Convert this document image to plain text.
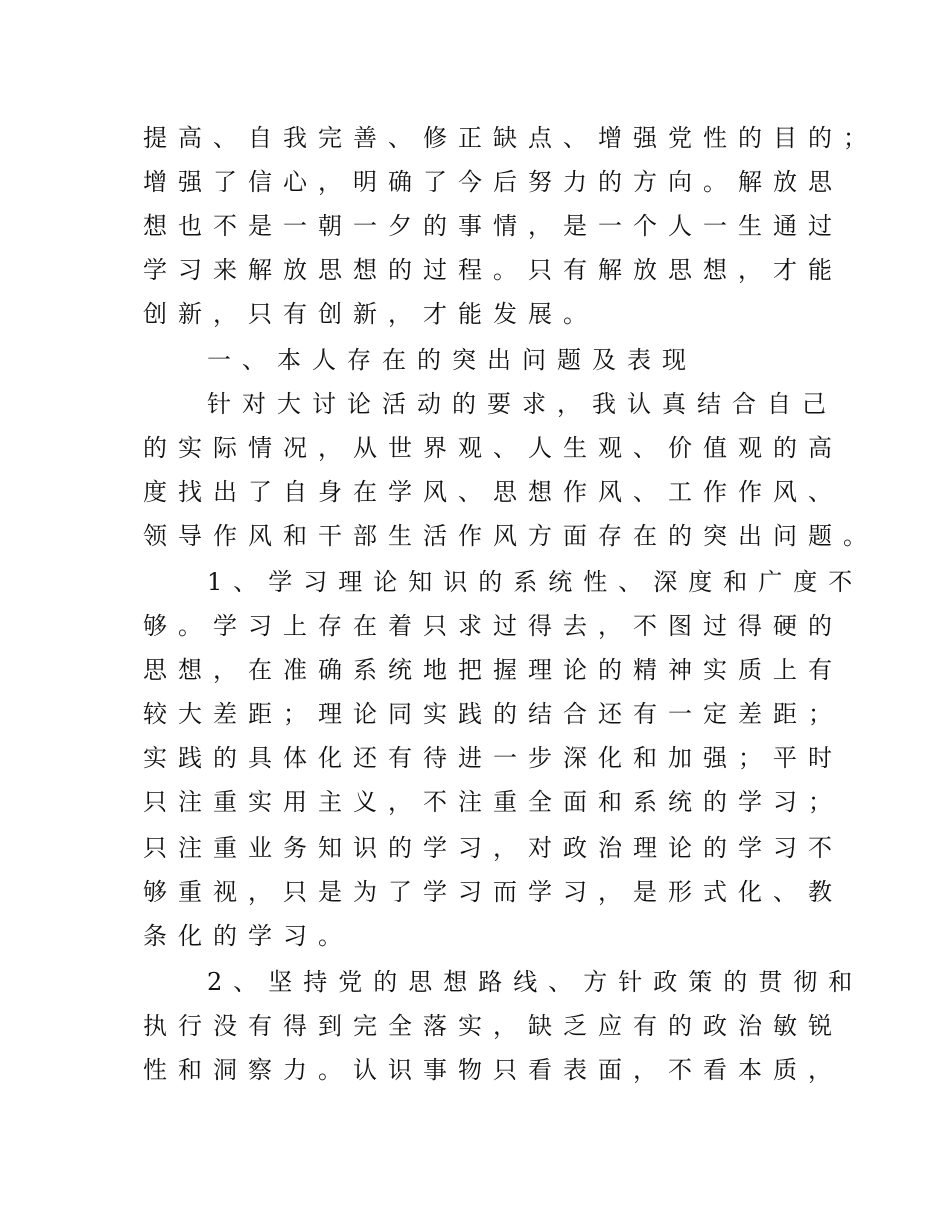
提高、自我完善、修正缺点、增强党性的目的；
增强了信心，明确了今后努力的方向。解放思
想也不是一朝一夕的事情，是一个人一生通过
学习来解放思想的过程。只有解放思想，才能
创新，只有创新，才能发展。
一、本人存在的突出问题及表现
针对大讨论活动的要求，我认真结合自己
的实际情况，从世界观、人生观、价值观的高
度找出了自身在学风、思想作风、工作作风、
领导作风和干部生活作风方面存在的突出问题。
1、学习理论知识的系统性、深度和广度不
够。学习上存在着只求过得去，不图过得硬的
思想，在准确系统地把握理论的精神实质上有
较大差距；理论同实践的结合还有一定差距；
实践的具体化还有待进一步深化和加强；平时
只注重实用主义，不注重全面和系统的学习；
只注重业务知识的学习，对政治理论的学习不
够重视，只是为了学习而学习，是形式化、教
条化的学习。
2、坚持党的思想路线、方针政策的贯彻和
执行没有得到完全落实，缺乏应有的政治敏锐
性和洞察力。认识事物只看表面，不看本质，
